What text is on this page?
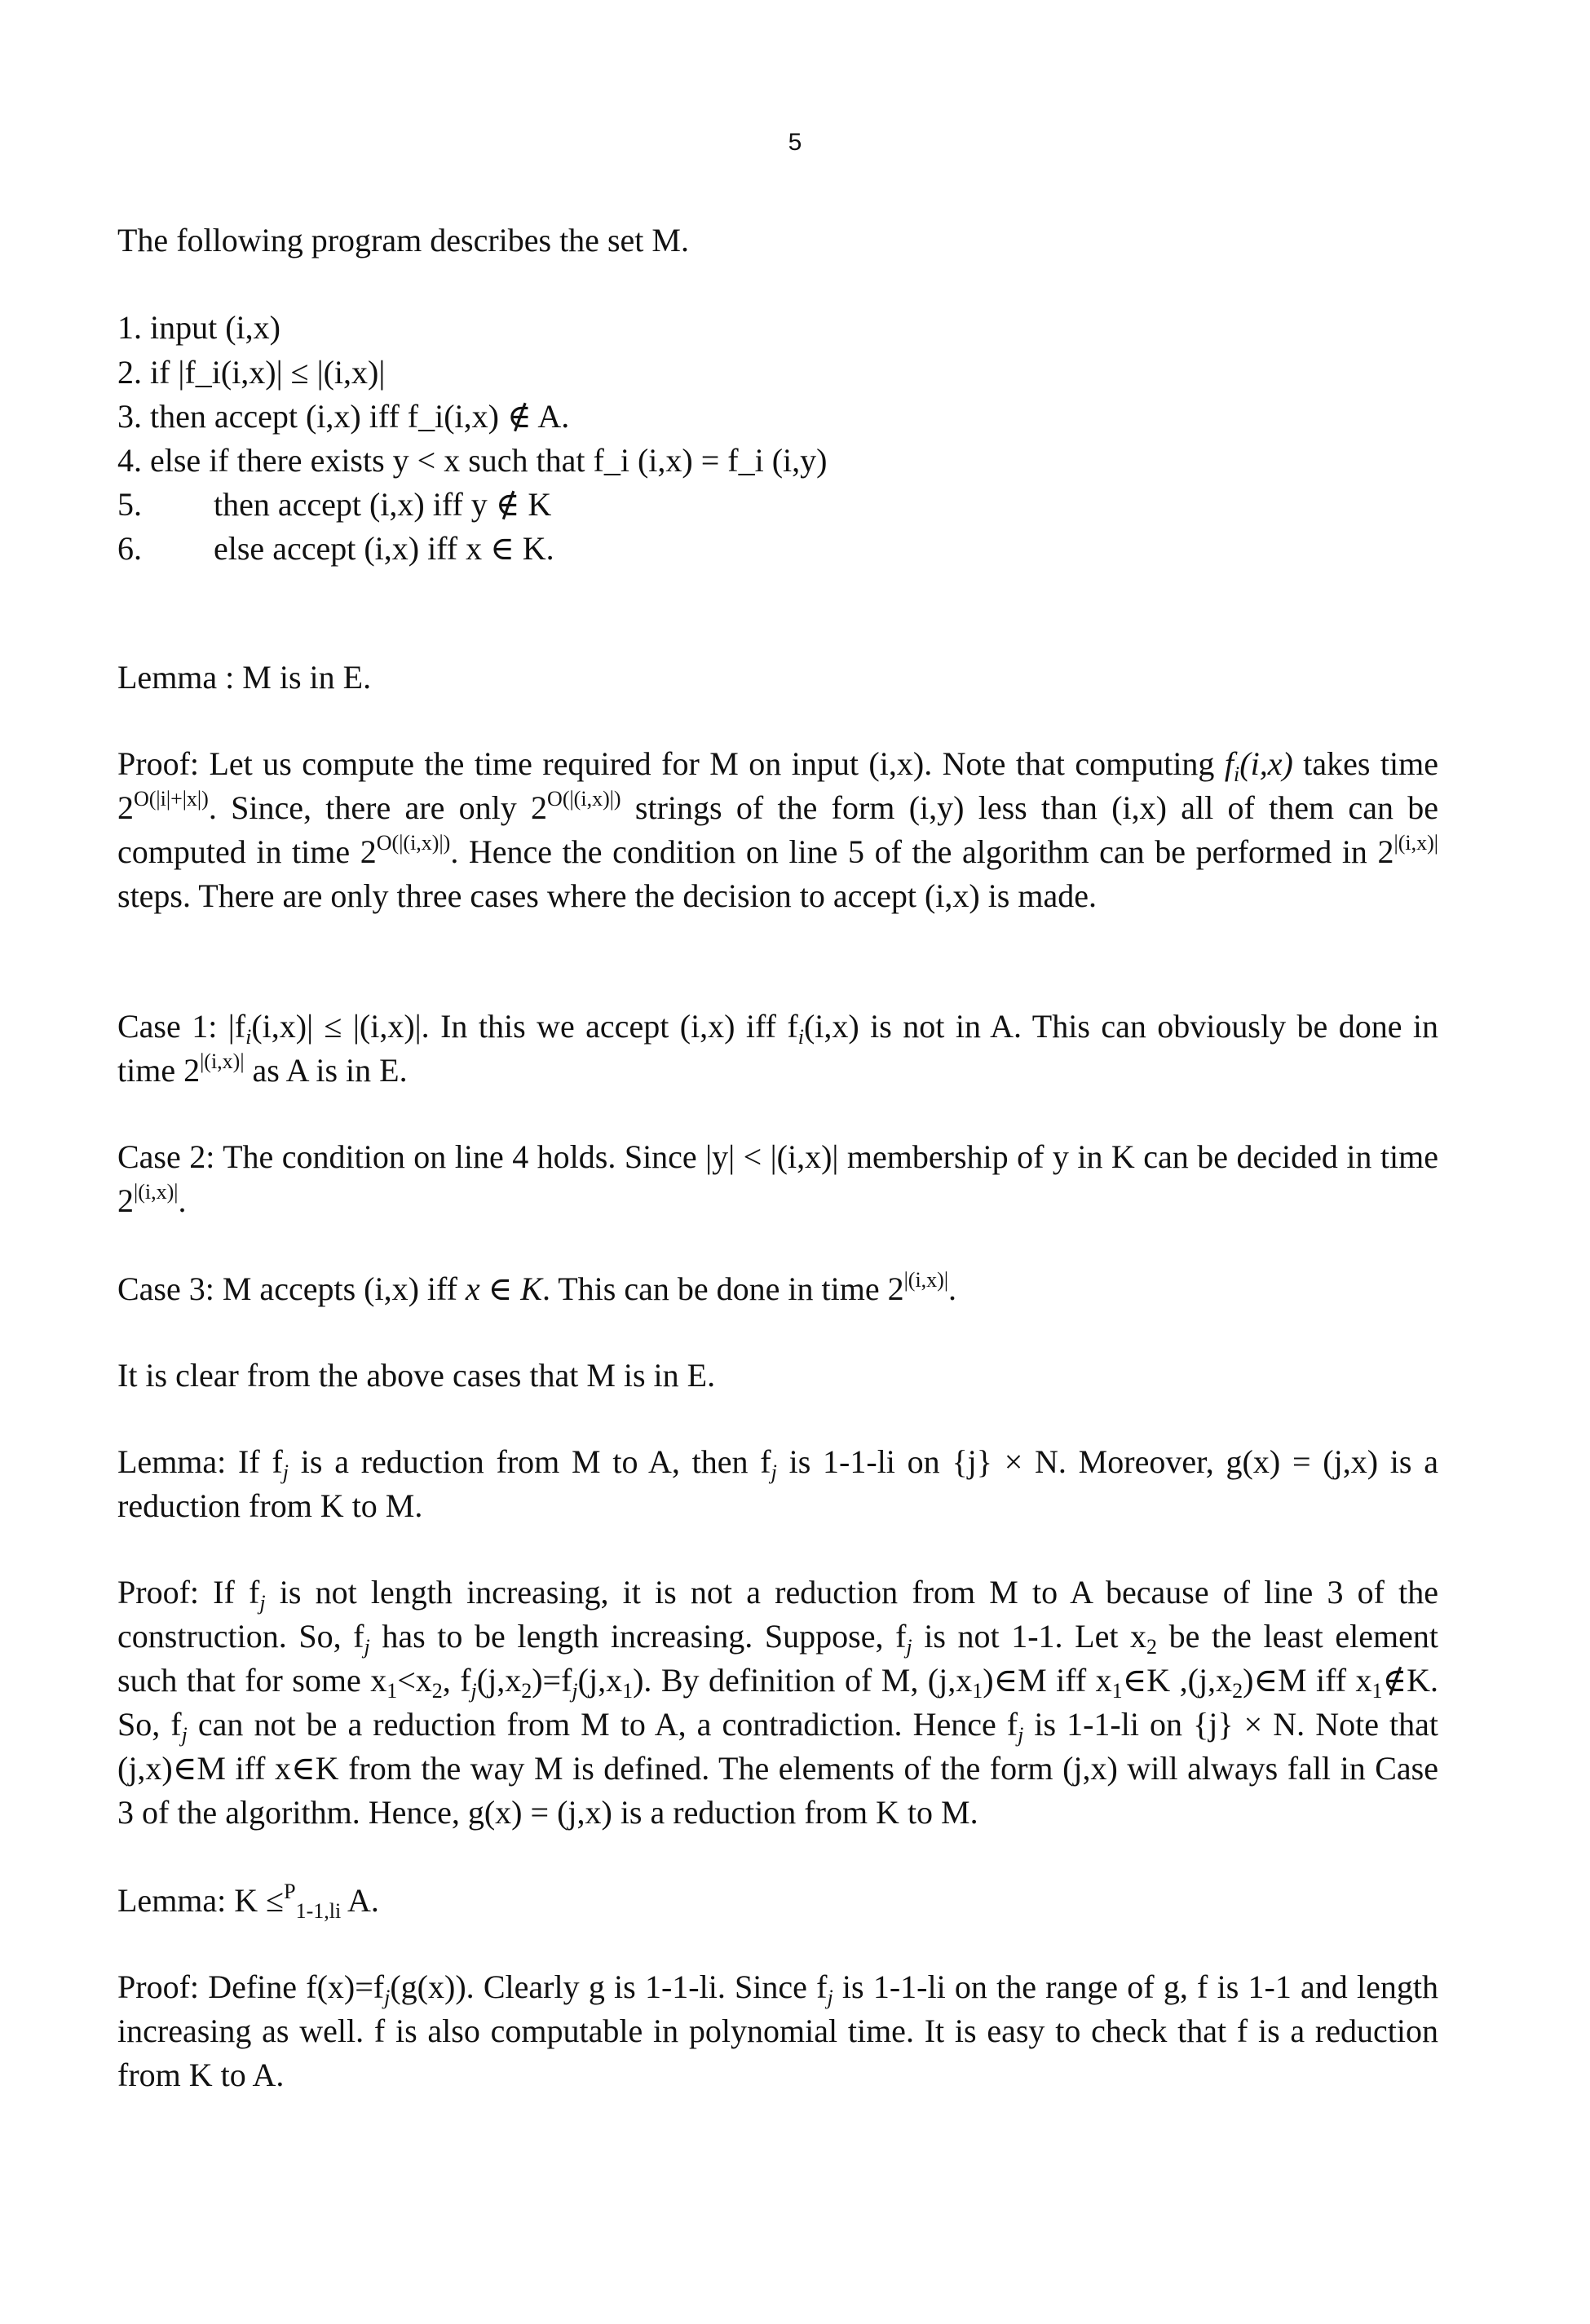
5
The following program describes the set M.
1. input (i,x)
2. if |f_i(i,x)| ≤ |(i,x)|
3. then accept (i,x) iff f_i(i,x) ∉ A.
4. else if there exists y < x such that f_i (i,x) = f_i (i,y)
5. then accept (i,x) iff y ∉ K
6. else accept (i,x) iff x ∈ K.
Lemma : M is in E.
Proof: Let us compute the time required for M on input (i,x). Note that computing $f_i(i,x)$ takes time $2^{O(|i|+|x|)}$. Since, there are only $2^{O(|(i,x)|)}$ strings of the form (i,y) less than (i,x) all of them can be computed in time $2^{O(|(i,x)|)}$. Hence the condition on line 5 of the algorithm can be performed in $2^{|(i,x)|}$ steps. There are only three cases where the decision to accept (i,x) is made.
Case 1: $|f_i(i,x)| \le |(i,x)|$. In this we accept (i,x) iff $f_i(i,x)$ is not in A. This can obviously be done in time $2^{|(i,x)|}$ as A is in E.
Case 2: The condition on line 4 holds. Since |y| < |(i,x)| membership of y in K can be decided in time $2^{|(i,x)|}$.
Case 3: M accepts (i,x) iff x ∈ K. This can be done in time $2^{|(i,x)|}$.
It is clear from the above cases that M is in E.
Lemma: If $f_j$ is a reduction from M to A, then $f_j$ is 1-1-li on {j} × N. Moreover, g(x) = (j,x) is a reduction from K to M.
Proof: If $f_j$ is not length increasing, it is not a reduction from M to A because of line 3 of the construction. So, $f_j$ has to be length increasing. Suppose, $f_j$ is not 1-1. Let $x_2$ be the least element such that for some $x_1<x_2$, $f_j(j,x_2)=f_j(j,x_1)$. By definition of M, $(j,x_1)\in M$ iff $x_1\in K$ $,(j,x_2)\in M$ iff $x_1\notin K$. So, $f_j$ can not be a reduction from M to A, a contradiction. Hence $f_j$ is 1-1-li on {j} × N. Note that (j,x)∈M iff x∈K from the way M is defined. The elements of the form (j,x) will always fall in Case 3 of the algorithm. Hence, g(x) = (j,x) is a reduction from K to M.
Lemma: K ≤$^P_{1-1,li}$ A.
Proof: Define $f(x)=f_j(g(x))$. Clearly g is 1-1-li. Since $f_j$ is 1-1-li on the range of g, f is 1-1 and length increasing as well. f is also computable in polynomial time. It is easy to check that f is a reduction from K to A.
